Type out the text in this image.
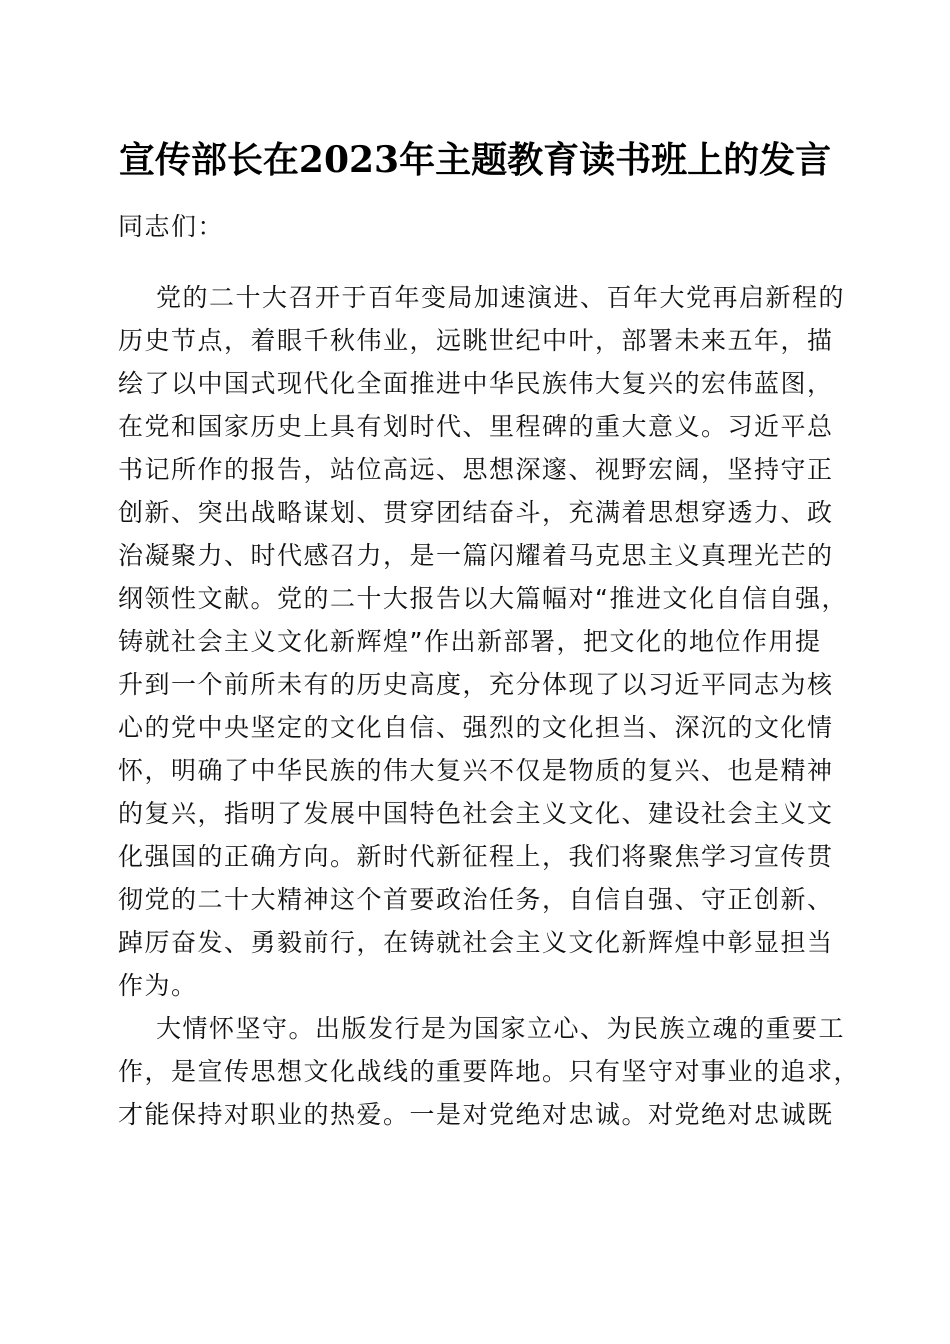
宣传部长在2023年主题教育读书班上的发言
同志们：
党的二十大召开于百年变局加速演进、百年大党再启新程的
历史节点，着眼千秋伟业，远眺世纪中叶，部署未来五年，描
绘了以中国式现代化全面推进中华民族伟大复兴的宏伟蓝图，
在党和国家历史上具有划时代、里程碑的重大意义。习近平总
书记所作的报告，站位高远、思想深邃、视野宏阔，坚持守正
创新、突出战略谋划、贯穿团结奋斗，充满着思想穿透力、政
治凝聚力、时代感召力，是一篇闪耀着马克思主义真理光芒的
纲领性文献。党的二十大报告以大篇幅对“推进文化自信自强，
铸就社会主义文化新辉煌”作出新部署，把文化的地位作用提
升到一个前所未有的历史高度，充分体现了以习近平同志为核
心的党中央坚定的文化自信、强烈的文化担当、深沉的文化情
怀，明确了中华民族的伟大复兴不仅是物质的复兴、也是精神
的复兴，指明了发展中国特色社会主义文化、建设社会主义文
化强国的正确方向。新时代新征程上，我们将聚焦学习宣传贯
彻党的二十大精神这个首要政治任务，自信自强、守正创新、
踔厉奋发、勇毅前行，在铸就社会主义文化新辉煌中彰显担当
作为。
大情怀坚守。出版发行是为国家立心、为民族立魂的重要工
作，是宣传思想文化战线的重要阵地。只有坚守对事业的追求，
才能保持对职业的热爱。一是对党绝对忠诚。对党绝对忠诚既
